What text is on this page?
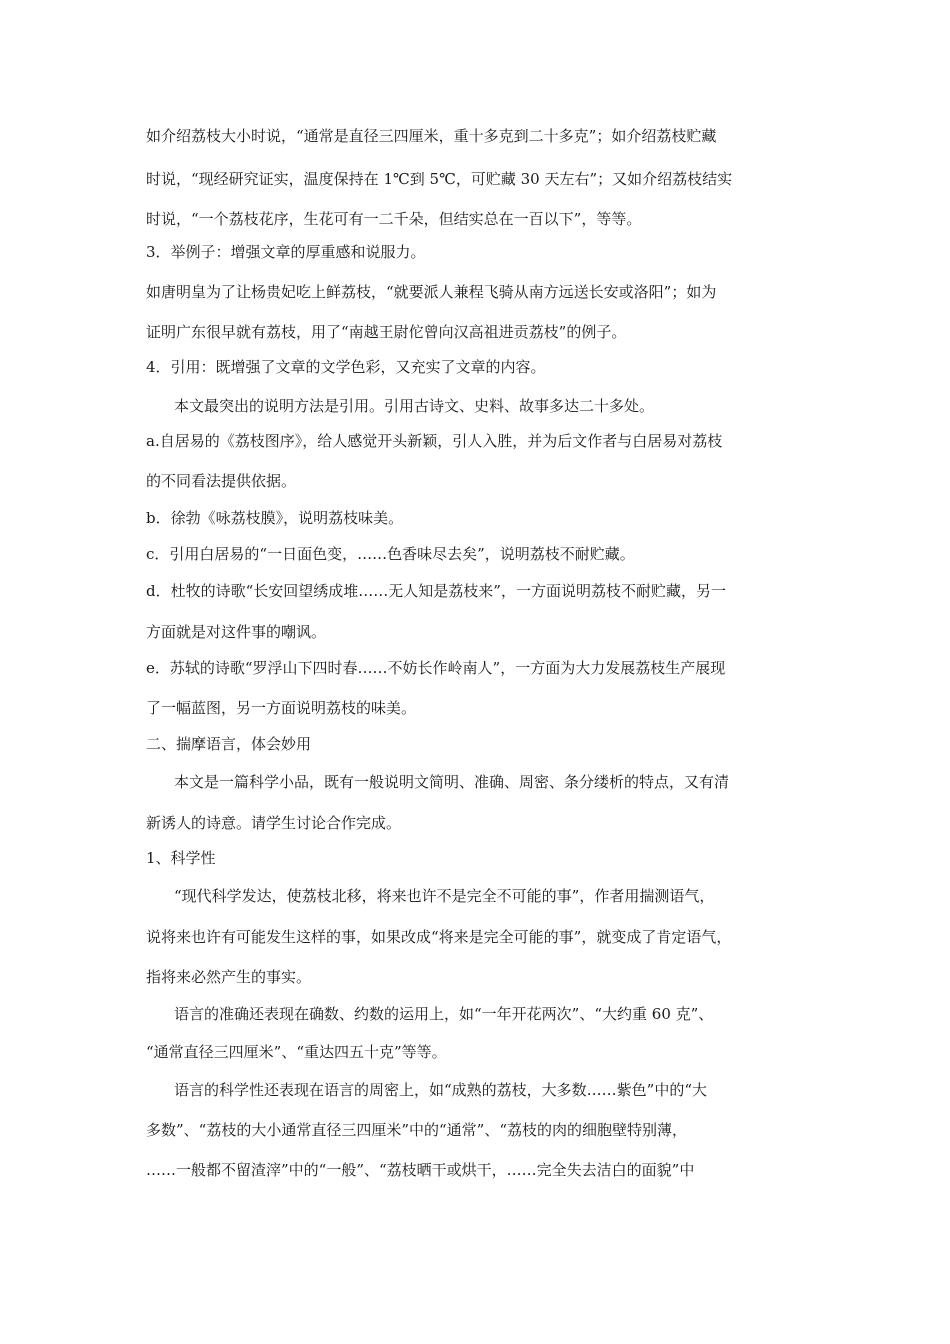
如介绍荔枝大小时说，“通常是直径三四厘米，重十多克到二十多克”；如介绍荔枝贮藏

时说，“现经研究证实，温度保持在 1℃到 5℃，可贮藏 30 天左右”；又如介绍荔枝结实

时说，“一个荔枝花序，生花可有一二千朵，但结实总在一百以下”，等等。

3．举例子：增强文章的厚重感和说服力。

如唐明皇为了让杨贵妃吃上鲜荔枝，“就要派人兼程飞骑从南方远送长安或洛阳”；如为

证明广东很早就有荔枝，用了“南越王尉佗曾向汉高祖进贡荔枝”的例子。

4．引用：既增强了文章的文学色彩，又充实了文章的内容。

本文最突出的说明方法是引用。引用古诗文、史料、故事多达二十多处。

a.自居易的《荔枝图序》，给人感觉开头新颖，引人入胜，并为后文作者与白居易对荔枝

的不同看法提供依据。

b．徐勃《咏荔枝膜》，说明荔枝味美。

c．引用白居易的“一日面色变，……色香味尽去矣”，说明荔枝不耐贮藏。

d．杜牧的诗歌“长安回望绣成堆……无人知是荔枝来”，一方面说明荔枝不耐贮藏，另一

方面就是对这件事的嘲讽。

e．苏轼的诗歌“罗浮山下四时春……不妨长作岭南人”，一方面为大力发展荔枝生产展现

了一幅蓝图，另一方面说明荔枝的味美。

二、揣摩语言，体会妙用

本文是一篇科学小品，既有一般说明文简明、准确、周密、条分缕析的特点，又有清

新诱人的诗意。请学生讨论合作完成。

1、科学性

“现代科学发达，使荔枝北移，将来也许不是完全不可能的事”，作者用揣测语气，

说将来也许有可能发生这样的事，如果改成“将来是完全可能的事”，就变成了肯定语气，

指将来必然产生的事实。

语言的准确还表现在确数、约数的运用上，如“一年开花两次”、“大约重 60 克”、

“通常直径三四厘米”、“重达四五十克”等等。

语言的科学性还表现在语言的周密上，如“成熟的荔枝，大多数……紫色”中的“大

多数”、“荔枝的大小通常直径三四厘米”中的“通常”、“荔枝的肉的细胞壁特别薄，

……一般都不留渣滓”中的“一般”、“荔枝晒干或烘干，……完全失去洁白的面貌”中
